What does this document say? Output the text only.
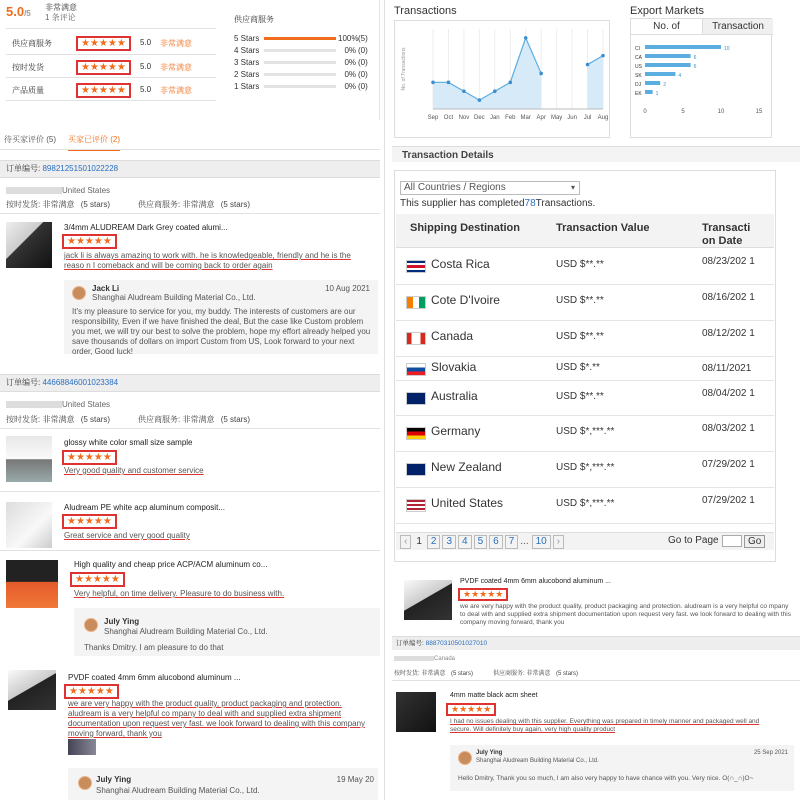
5.0/5
非常满意
1 条评论
供应商服务	★★★★★	5.0 非常满意
按时发货	★★★★★	5.0 非常满意
产品质量	★★★★★	5.0 非常满意
供应商服务
5 Stars	100% (5)
4 Stars	0% (0)
3 Stars	0% (0)
2 Stars	0% (0)
1 Stars	0% (0)
待买家评价 (5) 买家已评价 (2)
订单编号: 89821251501022228
United States
按时发货: 非常满意 (5 stars)	供应商服务: 非常满意 (5 stars)
3/4mm ALUDREAM Dark Grey coated alumi...
★★★★★
jack li is always amazing to work with. he is knowledgeable, friendly and he is the reaso n I comeback and will be coming back to order again
Jack Li
Shanghai Aludream Building Material Co., Ltd.
10 Aug 2021
It's my pleasure to service for you, my buddy. The interests of customers are our responsibility, Even if we have finished the deal, But the case like Custom problem you met, we will try our best to solve the problem, hope my effort already helped you save thousands of dollars on import Custom from US, Look forward to your next order, Good luck!
订单编号: 44668846001023384
United States
按时发货: 非常满意 (5 stars)	供应商服务: 非常满意 (5 stars)
glossy white color small size sample
★★★★★
Very good quality and customer service
Aludream PE white acp aluminum composit...
★★★★★
Great service and very good quality
High quality and cheap price ACP/ACM aluminum co...
★★★★★
Very helpful, on time delivery. Pleasure to do business with.
July Ying
Shanghai Aludream Building Material Co., Ltd.
Thanks Dmitry. I am pleasure to do that
PVDF coated 4mm 6mm alucobond aluminum ...
★★★★★
we are very happy with the product quality, product packaging and protection. aludream is a very helpful co mpany to deal with and supplied extra shipment documentation upon request very fast. we look forward to dealing with this company moving forward, thank you
July Ying
Shanghai Aludream Building Material Co., Ltd.
19 May 20
Transactions
No. of Transactions
Sep Oct Nov Dec Jan Feb Mar Apr May Jun Jul Aug
Export Markets
No. of	Transaction
CI	10
CA	6
US	6
SK	4
DJ	2
EK	1
0	5	10	15
Transaction Details
All Countries / Regions	▾
This supplier has completed78Transactions.
Shipping Destination	Transaction Value	Transacti on Date
Costa Rica	USD $**.**	08/23/202 1
Cote D'Ivoire	USD $**.**	08/16/202 1
Canada	USD $**.**	08/12/202 1
Slovakia	USD $*.**	08/11/2021
Australia	USD $**.**	08/04/202 1
Germany	USD $*,***.**	08/03/202 1
New Zealand	USD $*,***.**	07/29/202 1
United States	USD $*,***.**	07/29/202 1
‹ 1 2 3 4 5 6 7 ... 10 ›	Go to Page	Go
PVDF coated 4mm 6mm alucobond aluminum ...
★★★★★
we are very happy with the product quality, product packaging and protection. aludream is a very helpful co mpany to deal with and supplied extra shipment documentation upon request very fast. we look forward to dealing with this company moving forward, thank you
订单编号: 88870310501027010
Canada
按时发货: 非常满意 (5 stars)	供应商服务: 非常满意 (5 stars)
4mm matte black acm sheet
★★★★★
I had no issues dealing with this supplier. Everything was prepared in timely manner and packaged well and secure. Will definitely buy again, very high quality product
July Ying
Shanghai Aludream Building Material Co., Ltd.
25 Sep 2021
Hello Dmitry, Thank you so much, I am also very happy to have chance with you. Very nice. O(∩_∩)O~
